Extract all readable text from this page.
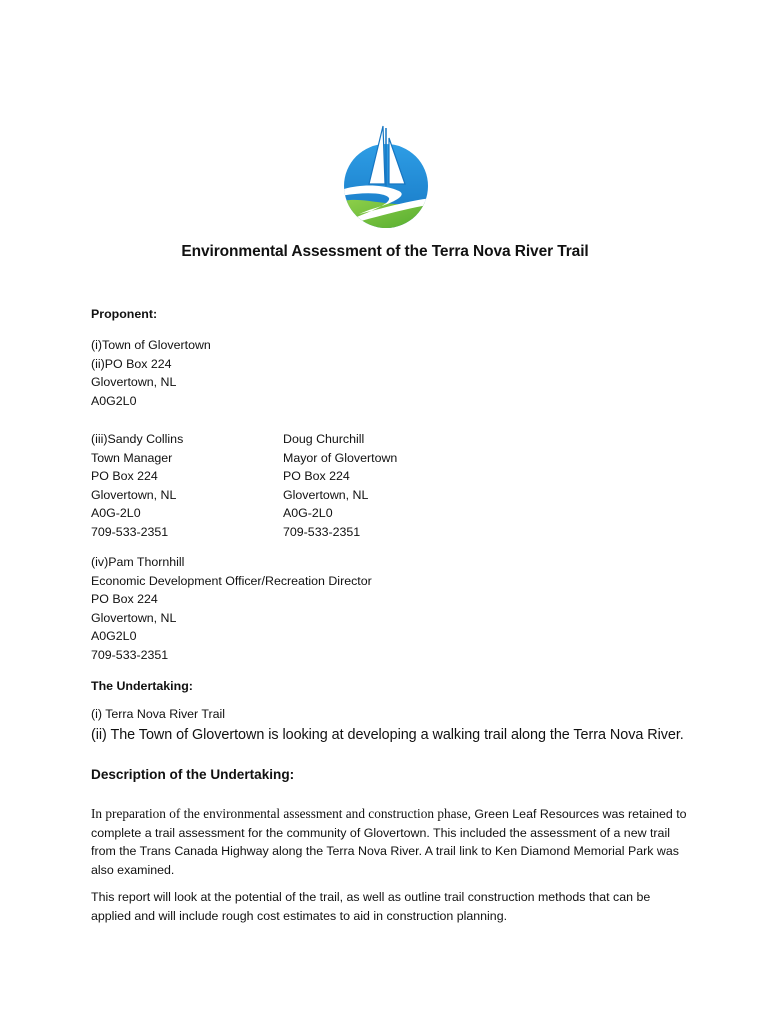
Environmental Assessment of the Terra Nova River Trail
Proponent:
(i)Town of Glovertown
(ii)PO Box 224
Glovertown, NL
A0G2L0
(iii)Sandy Collins
Town Manager
PO Box 224
Glovertown, NL
A0G-2L0
709-533-2351
Doug Churchill
Mayor of Glovertown
PO Box 224
Glovertown, NL
A0G-2L0
709-533-2351
(iv)Pam Thornhill
Economic Development Officer/Recreation Director
PO Box 224
Glovertown, NL
A0G2L0
709-533-2351
The Undertaking:
(i) Terra Nova River Trail
(ii) The Town of Glovertown is looking at developing a walking trail along the Terra Nova River.
Description of the Undertaking:

In preparation of the environmental assessment and construction phase, Green Leaf Resources was retained to complete a trail assessment for the community of Glovertown. This included the assessment of a new trail from the Trans Canada Highway along the Terra Nova River. A trail link to Ken Diamond Memorial Park was also examined.

This report will look at the potential of the trail, as well as outline trail construction methods that can be applied and will include rough cost estimates to aid in construction planning.
